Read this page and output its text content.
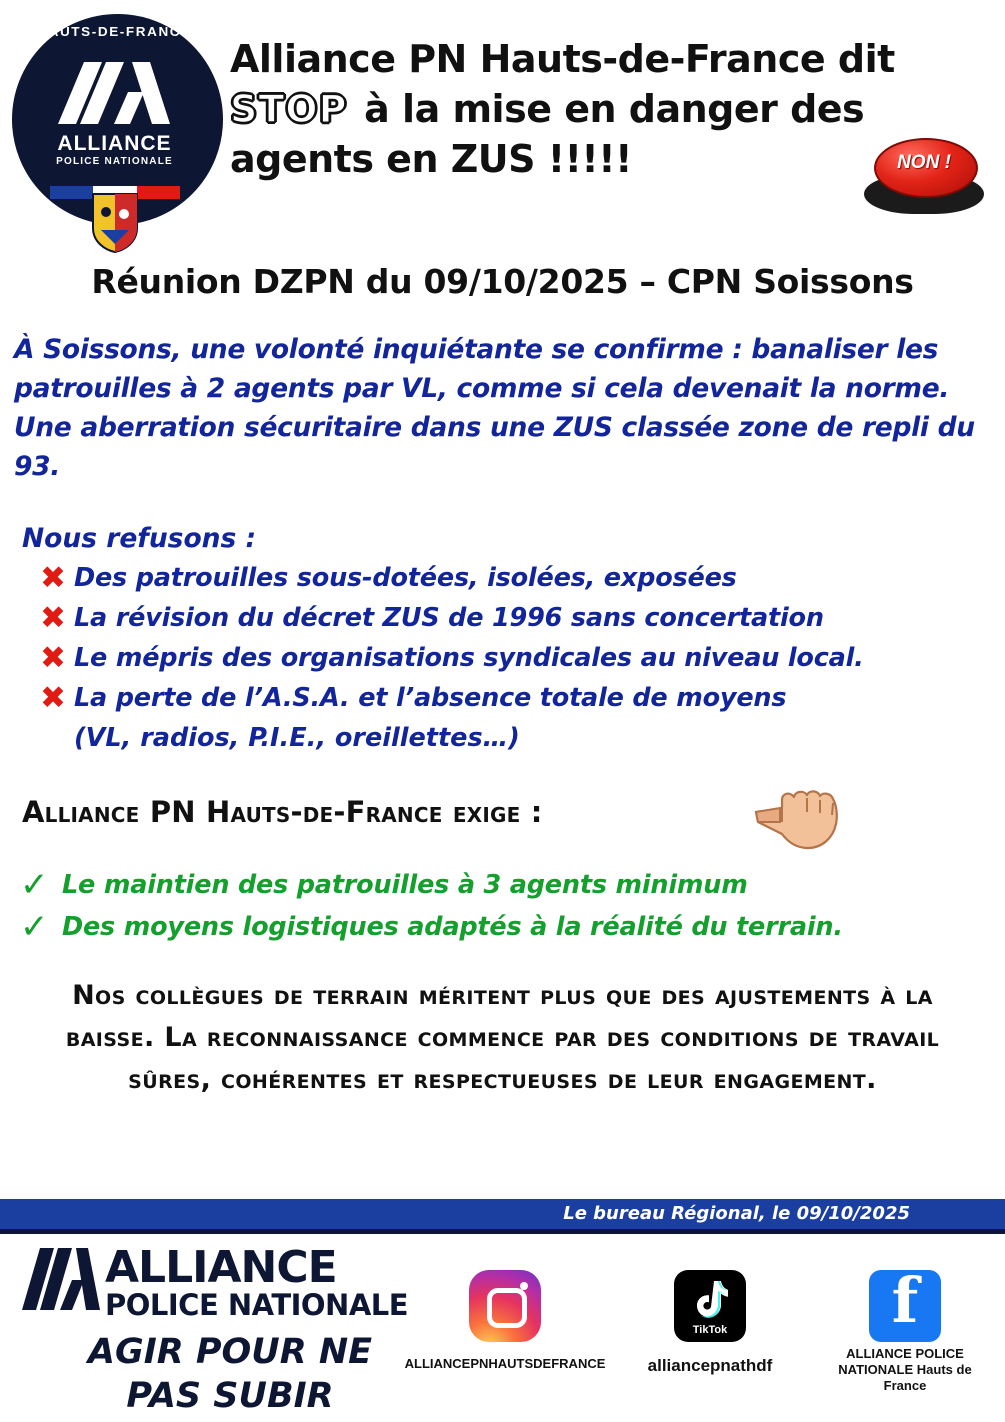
HAUTS-DE-FRANCE
ALLIANCE
POLICE NATIONALE
Alliance PN Hauts-de-France dit
STOP à la mise en danger des
agents en ZUS !!!!!	NON !
Réunion DZPN du 09/10/2025 – CPN Soissons
À Soissons, une volonté inquiétante se confirme : banaliser les patrouilles à 2 agents par VL, comme si cela devenait la norme. Une aberration sécuritaire dans une ZUS classée zone de repli du 93.
Nous refusons :
✖ Des patrouilles sous-dotées, isolées, exposées
✖ La révision du décret ZUS de 1996 sans concertation
✖ Le mépris des organisations syndicales au niveau local.
✖ La perte de l’A.S.A. et l’absence totale de moyens
(VL, radios, P.I.E., oreillettes…)
Alliance PN Hauts-de-France exige :
✓ Le maintien des patrouilles à 3 agents minimum
✓ Des moyens logistiques adaptés à la réalité du terrain.
Nos collègues de terrain méritent plus que des ajustements à la baisse. La reconnaissance commence par des conditions de travail sûres, cohérentes et respectueuses de leur engagement.
Le bureau Régional, le 09/10/2025
ALLIANCE
POLICE NATIONALE
AGIR POUR NE PAS SUBIR
ALLIANCEPNHAUTSDEFRANCE
TikTok
alliancepnathdf
f
ALLIANCE POLICE NATIONALE Hauts de France
